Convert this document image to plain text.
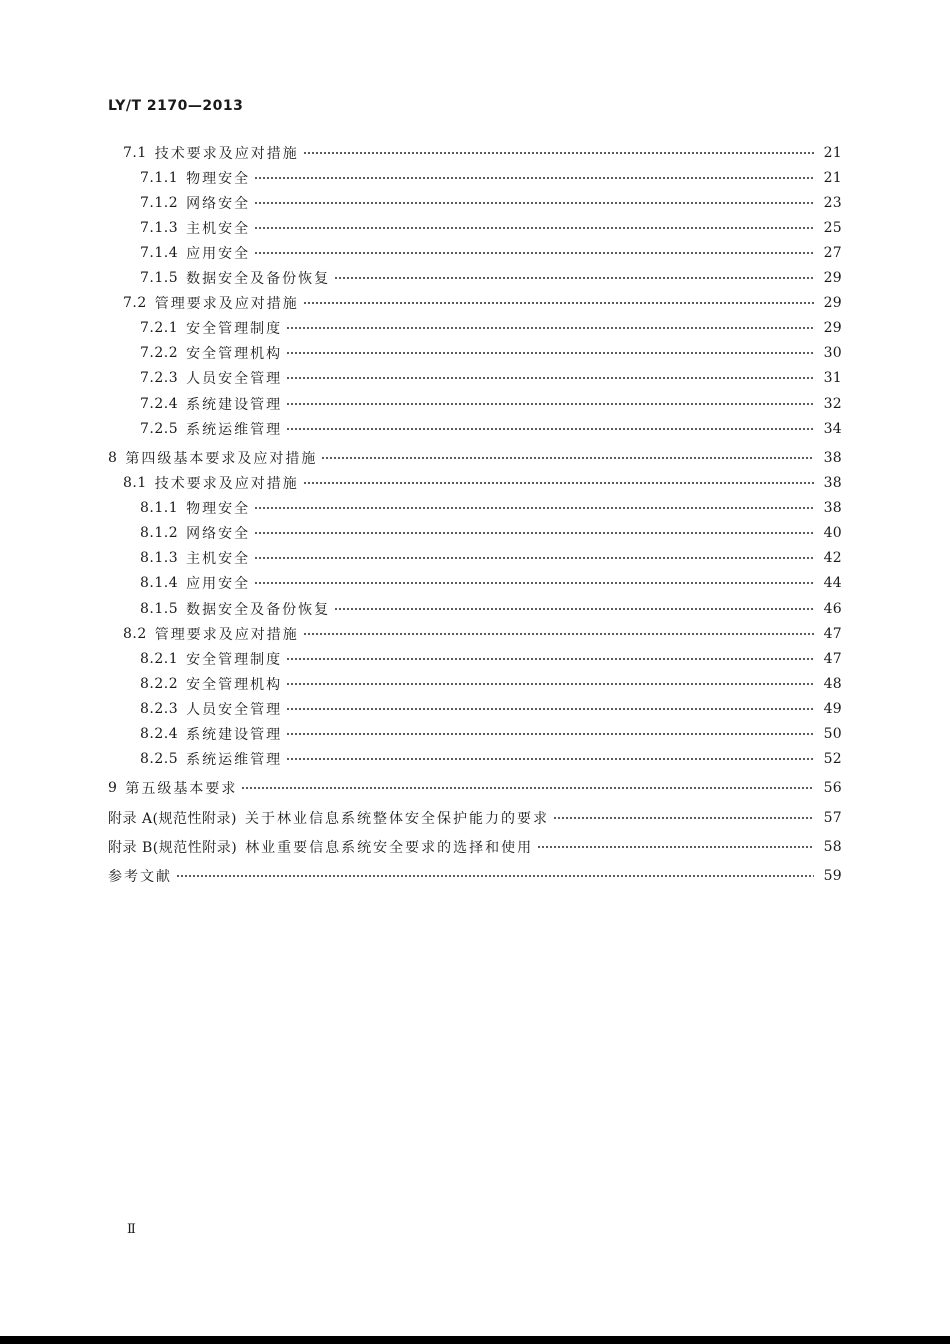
LY/T 2170—2013
7.1 技术要求及应对措施	21
7.1.1 物理安全	21
7.1.2 网络安全	23
7.1.3 主机安全	25
7.1.4 应用安全	27
7.1.5 数据安全及备份恢复	29
7.2 管理要求及应对措施	29
7.2.1 安全管理制度	29
7.2.2 安全管理机构	30
7.2.3 人员安全管理	31
7.2.4 系统建设管理	32
7.2.5 系统运维管理	34
8 第四级基本要求及应对措施	38
8.1 技术要求及应对措施	38
8.1.1 物理安全	38
8.1.2 网络安全	40
8.1.3 主机安全	42
8.1.4 应用安全	44
8.1.5 数据安全及备份恢复	46
8.2 管理要求及应对措施	47
8.2.1 安全管理制度	47
8.2.2 安全管理机构	48
8.2.3 人员安全管理	49
8.2.4 系统建设管理	50
8.2.5 系统运维管理	52
9 第五级基本要求	56
附录 A(规范性附录) 关于林业信息系统整体安全保护能力的要求	57
附录 B(规范性附录) 林业重要信息系统安全要求的选择和使用	58
参考文献	59
Ⅱ
